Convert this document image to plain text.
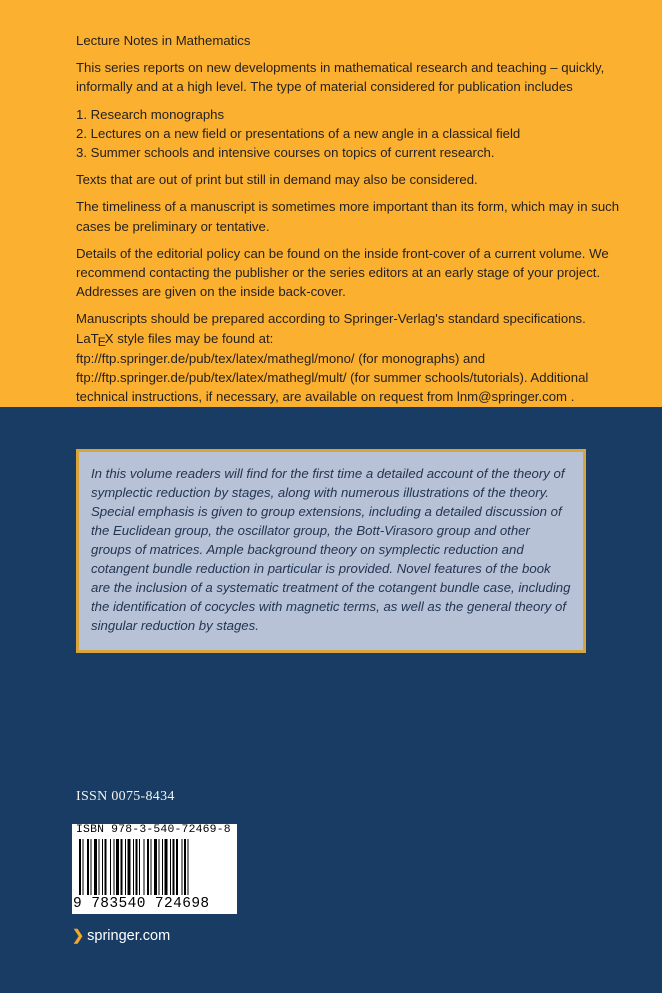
Lecture Notes in Mathematics

This series reports on new developments in mathematical research and teaching – quickly, informally and at a high level. The type of material considered for publication includes

1. Research monographs
2. Lectures on a new field or presentations of a new angle in a classical field
3. Summer schools and intensive courses on topics of current research.

Texts that are out of print but still in demand may also be considered.

The timeliness of a manuscript is sometimes more important than its form, which may in such cases be preliminary or tentative.

Details of the editorial policy can be found on the inside front-cover of a current volume. We recommend contacting the publisher or the series editors at an early stage of your project. Addresses are given on the inside back-cover.

Manuscripts should be prepared according to Springer-Verlag's standard specifications.
LaTEX style files may be found at:
ftp://ftp.springer.de/pub/tex/latex/mathegl/mono/ (for monographs) and
ftp://ftp.springer.de/pub/tex/latex/mathegl/mult/ (for summer schools/tutorials). Additional technical instructions, if necessary, are available on request from lnm@springer.com .

In this volume readers will find for the first time a detailed account of the theory of symplectic reduction by stages, along with numerous illustrations of the theory. Special emphasis is given to group extensions, including a detailed discussion of the Euclidean group, the oscillator group, the Bott-Virasoro group and other groups of matrices. Ample background theory on symplectic reduction and cotangent bundle reduction in particular is provided. Novel features of the book are the inclusion of a systematic treatment of the cotangent bundle case, including the identification of cocycles with magnetic terms, as well as the general theory of singular reduction by stages.
ISSN 0075-8434
ISBN 978-3-540-72469-8
9 783540 724698
❯ springer.com
